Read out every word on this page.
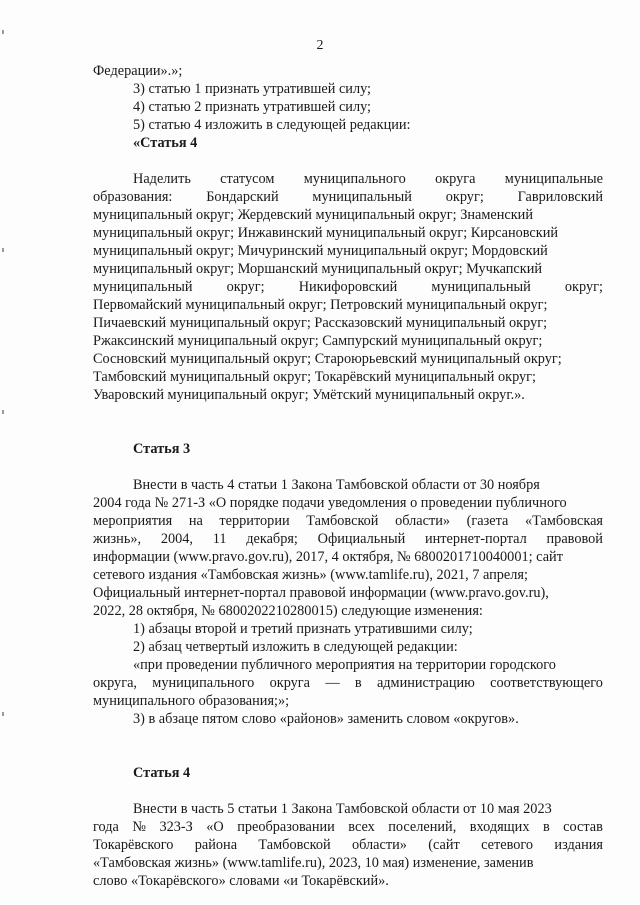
2
Федерации».»;
3) статью 1 признать утратившей силу;
4) статью 2 признать утратившей силу;
5) статью 4 изложить в следующей редакции:
«Статья 4
Наделить статусом муниципального округа муниципальные
образования: Бондарский муниципальный округ; Гавриловский
муниципальный округ; Жердевский муниципальный округ; Знаменский
муниципальный округ; Инжавинский муниципальный округ; Кирсановский
муниципальный округ; Мичуринский муниципальный округ; Мордовский
муниципальный округ; Моршанский муниципальный округ; Мучкапский
муниципальный округ; Никифоровский муниципальный округ;
Первомайский муниципальный округ; Петровский муниципальный округ;
Пичаевский муниципальный округ; Рассказовский муниципальный округ;
Ржаксинский муниципальный округ; Сампурский муниципальный округ;
Сосновский муниципальный округ; Староюрьевский муниципальный округ;
Тамбовский муниципальный округ; Токарёвский муниципальный округ;
Уваровский муниципальный округ; Умётский муниципальный округ.».
Статья 3
Внести в часть 4 статьи 1 Закона Тамбовской области от 30 ноября
2004 года № 271-З «О порядке подачи уведомления о проведении публичного
мероприятия на территории Тамбовской области» (газета «Тамбовская
жизнь», 2004, 11 декабря; Официальный интернет-портал правовой
информации (www.pravo.gov.ru), 2017, 4 октября, № 6800201710040001; сайт
сетевого издания «Тамбовская жизнь» (www.tamlife.ru), 2021, 7 апреля;
Официальный интернет-портал правовой информации (www.pravo.gov.ru),
2022, 28 октября, № 6800202210280015) следующие изменения:
1) абзацы второй и третий признать утратившими силу;
2) абзац четвертый изложить в следующей редакции:
«при проведении публичного мероприятия на территории городского
округа, муниципального округа — в администрацию соответствующего
муниципального образования;»;
3) в абзаце пятом слово «районов» заменить словом «округов».
Статья 4
Внести в часть 5 статьи 1 Закона Тамбовской области от 10 мая 2023
года № 323-З «О преобразовании всех поселений, входящих в состав
Токарёвского района Тамбовской области» (сайт сетевого издания
«Тамбовская жизнь» (www.tamlife.ru), 2023, 10 мая) изменение, заменив
слово «Токарёвского» словами «и Токарёвский».
